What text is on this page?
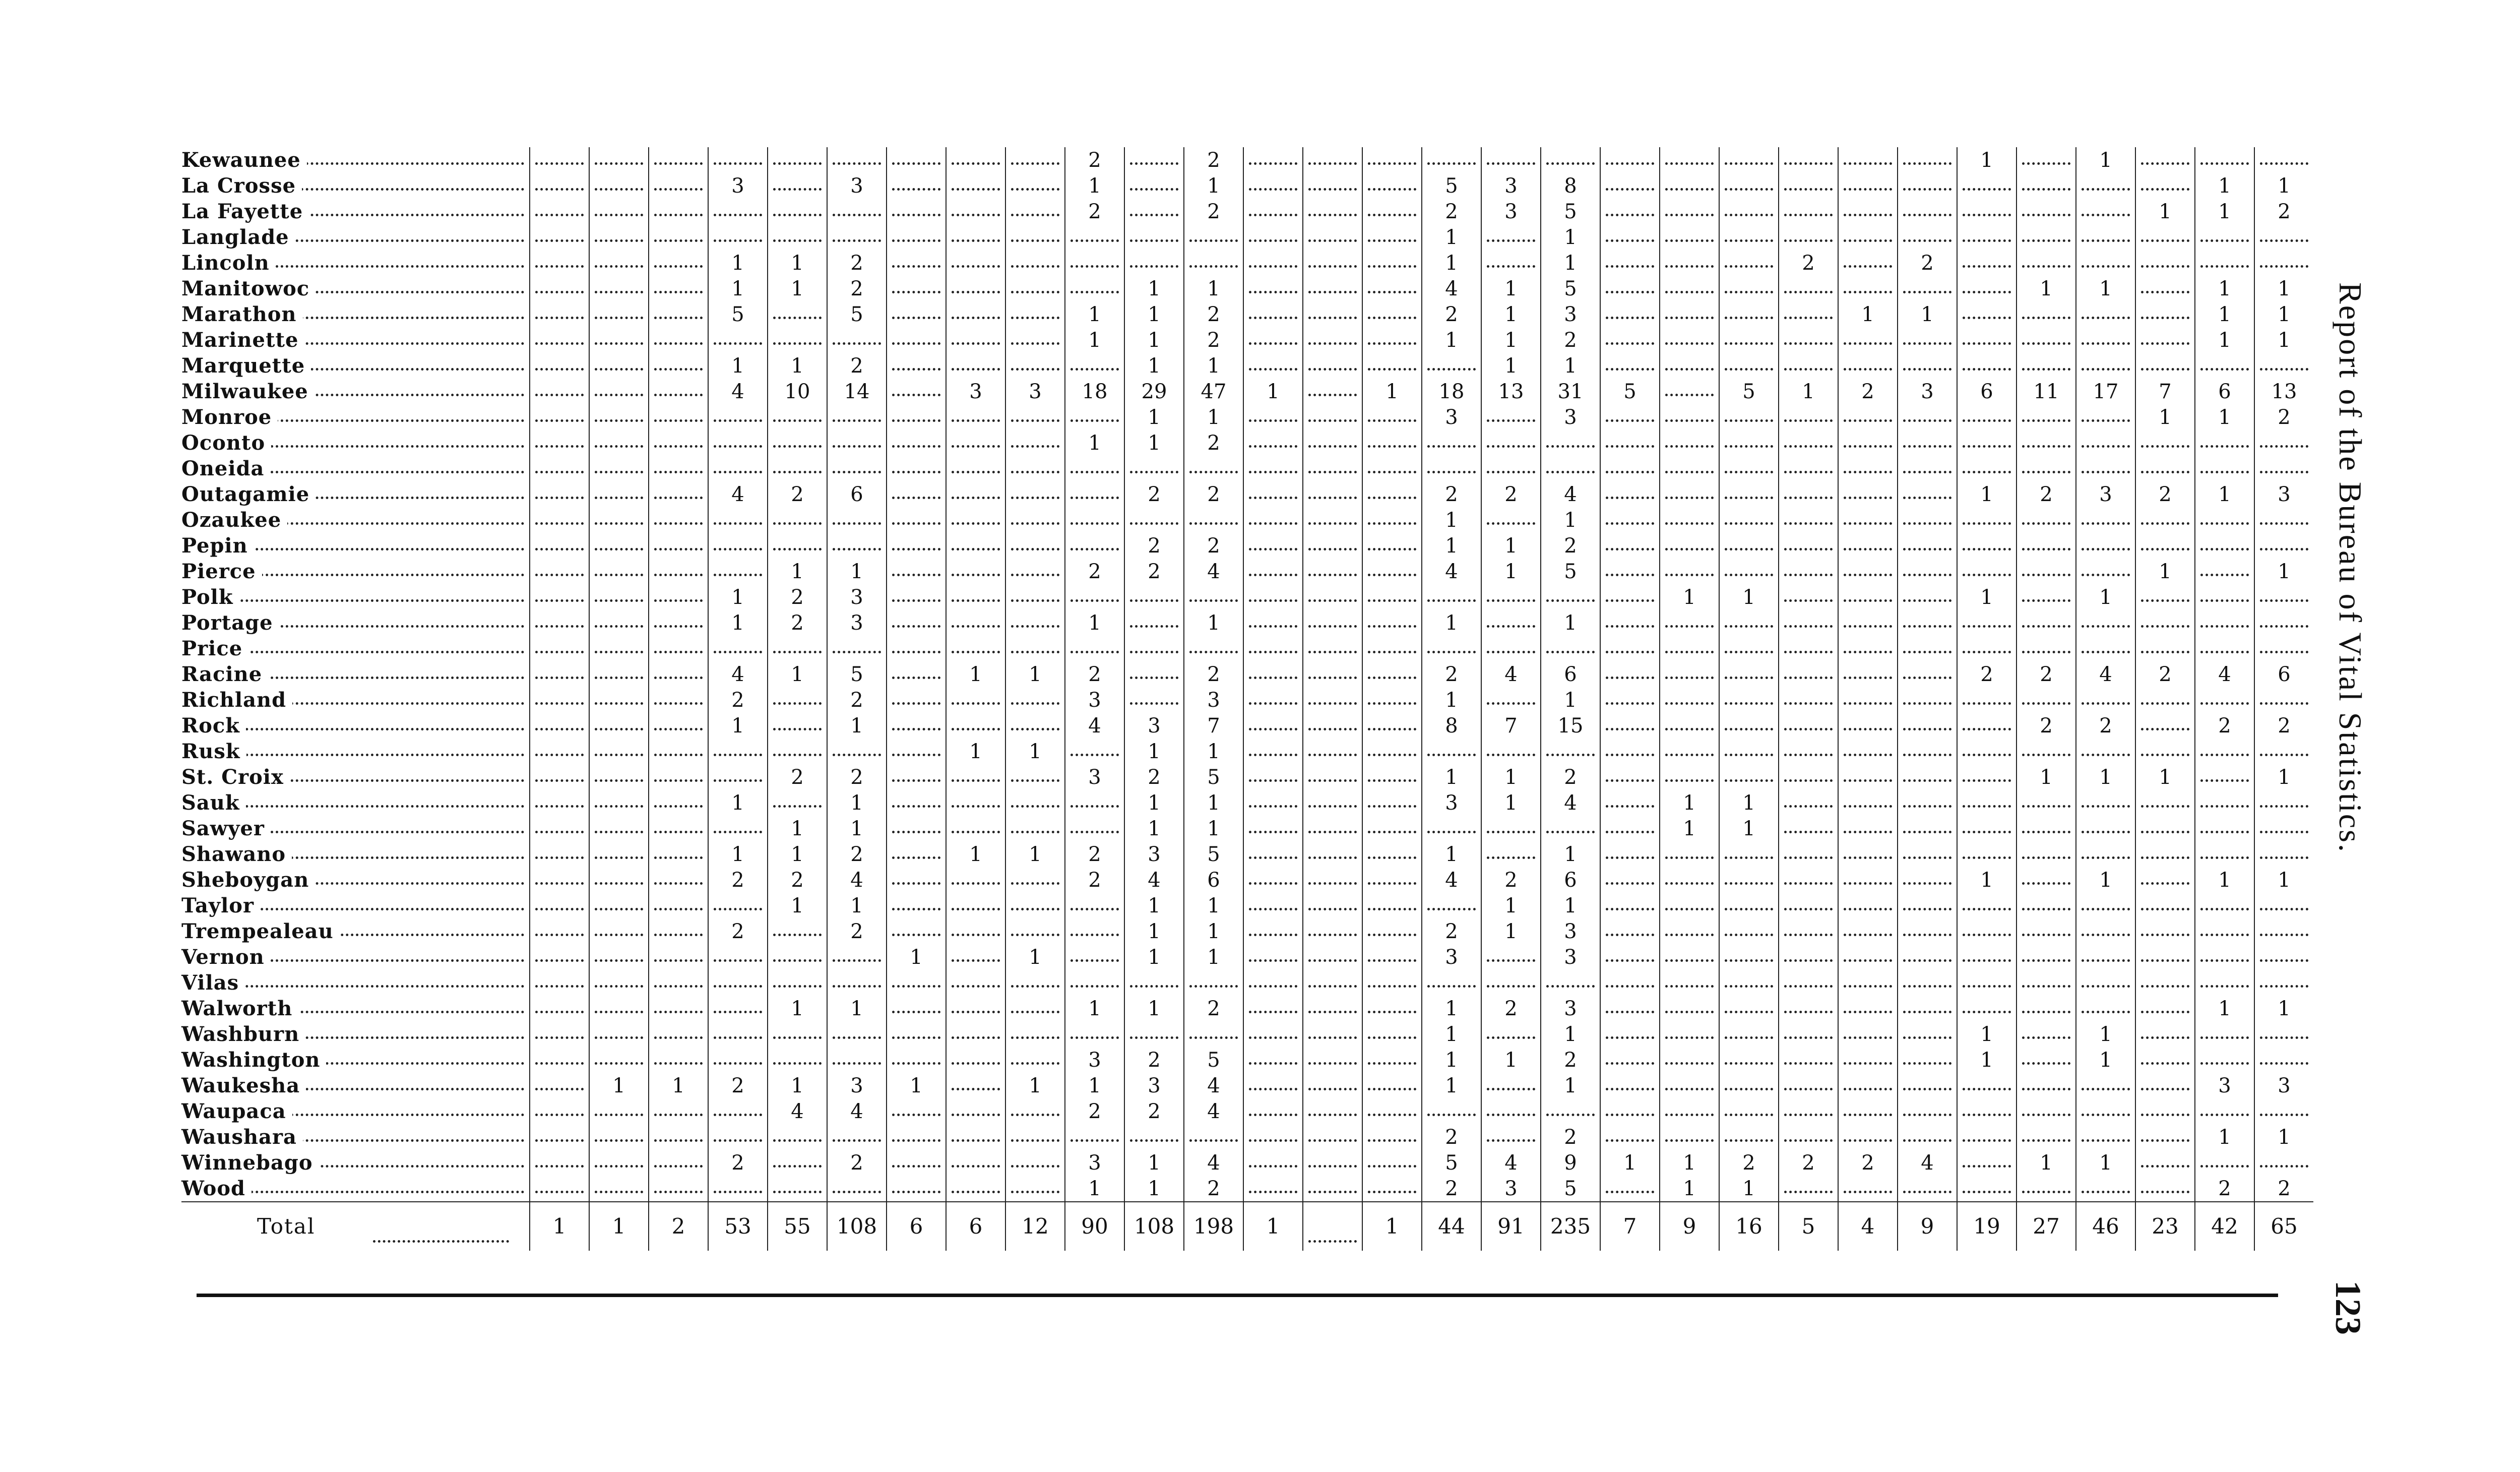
Kewaunee										2		2													1		1			
La Crosse				3		3				1		1				5	3	8											1	1
La Fayette										2		2				2	3	5										1	1	2
Langlade																1		1												
Lincoln				1	1	2										1		1				2		2						
Manitowoc				1	1	2					1	1				4	1	5								1	1		1	1
Marathon				5		5				1	1	2				2	1	3					1	1					1	1
Marinette										1	1	2				1	1	2											1	1
Marquette				1	1	2					1	1					1	1												
Milwaukee				4	10	14		3	3	18	29	47	1		1	18	13	31	5		5	1	2	3	6	11	17	7	6	13
Monroe											1	1				3		3										1	1	2
Oconto										1	1	2																		
Oneida																														
Outagamie				4	2	6					2	2				2	2	4							1	2	3	2	1	3
Ozaukee																1		1												
Pepin											2	2				1	1	2												
Pierce					1	1				2	2	4				4	1	5										1		1
Polk				1	2	3														1	1				1		1			
Portage				1	2	3				1		1				1		1												
Price																														
Racine				4	1	5		1	1	2		2				2	4	6							2	2	4	2	4	6
Richland				2		2				3		3				1		1												
Rock				1		1				4	3	7				8	7	15								2	2		2	2
Rusk								1	1		1	1																		
St. Croix					2	2				3	2	5				1	1	2								1	1	1		1
Sauk				1		1					1	1				3	1	4		1	1									
Sawyer					1	1					1	1								1	1									
Shawano				1	1	2		1	1	2	3	5				1		1												
Sheboygan				2	2	4				2	4	6				4	2	6							1		1		1	1
Taylor					1	1					1	1					1	1												
Trempealeau				2		2					1	1				2	1	3												
Vernon							1		1		1	1				3		3												
Vilas																														
Walworth					1	1				1	1	2				1	2	3											1	1
Washburn																1		1							1		1			
Washington										3	2	5				1	1	2							1		1			
Waukesha		1	1	2	1	3	1		1	1	3	4				1		1											3	3
Waupaca					4	4				2	2	4																		
Waushara																2		2											1	1
Winnebago				2		2				3	1	4				5	4	9	1	1	2	2	2	4		1	1			
Wood										1	1	2				2	3	5		1	1								2	2
Total	1	1	2	53	55	108	6	6	12	90	108	198	1		1	44	91	235	7	9	16	5	4	9	19	27	46	23	42	65
Report of the Bureau of Vital Statistics.
123
